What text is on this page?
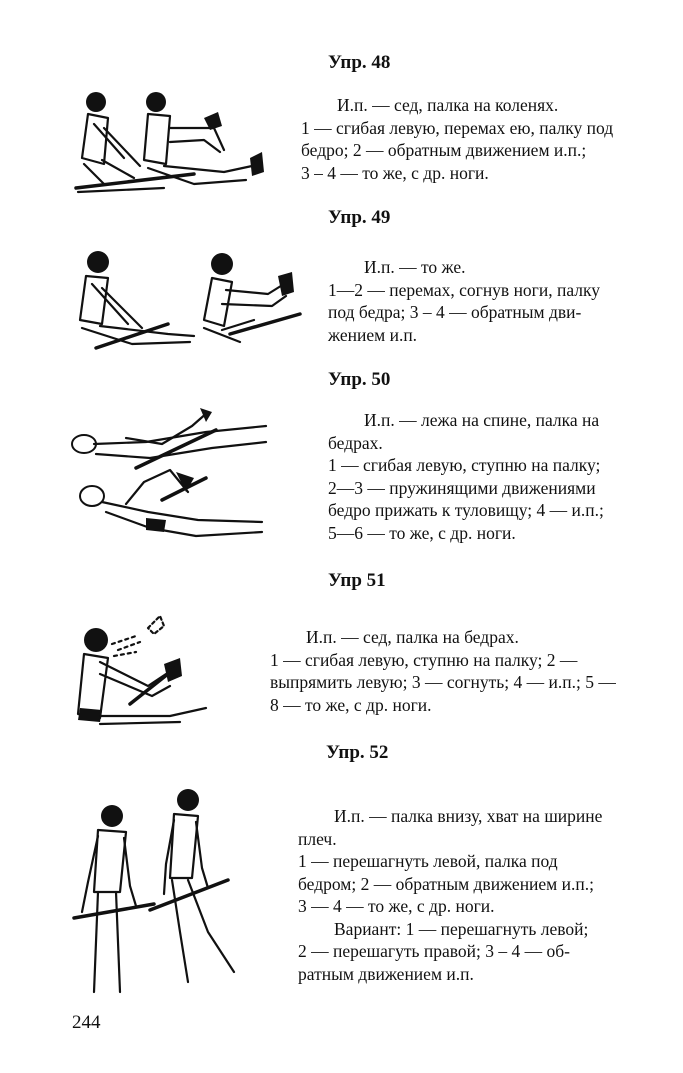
Упр. 48
И.п. — сед, палка на коленях.
1 — сгибая левую, перемах ею, палку под
бедро; 2 — обратным движением и.п.;
3 – 4 — то же, с др. ноги.
Упр. 49
И.п. — то же.
1—2 — перемах, согнув ноги, палку
под бедра; 3 – 4 — обратным дви-
жением и.п.
Упр. 50
И.п. — лежа на спине, палка на
бедрах.
1 — сгибая левую, ступню на палку;
2—3 — пружинящими движениями
бедро прижать к туловищу; 4 — и.п.;
5—6 — то же, с др. ноги.
Упр 51
И.п. — сед, палка на бедрах.
1 — сгибая левую, ступню на палку; 2 —
выпрямить левую; 3 — согнуть; 4 — и.п.; 5 —
8 — то же, с др. ноги.
Упр. 52
И.п. — палка внизу, хват на ширине
плеч.
1 — перешагнуть левой, палка под
бедром; 2 — обратным движением и.п.;
3 — 4 — то же, с др. ноги.
Вариант: 1 — перешагнуть левой;
2 — перешагуть правой; 3 – 4 — об-
ратным движением и.п.
244
